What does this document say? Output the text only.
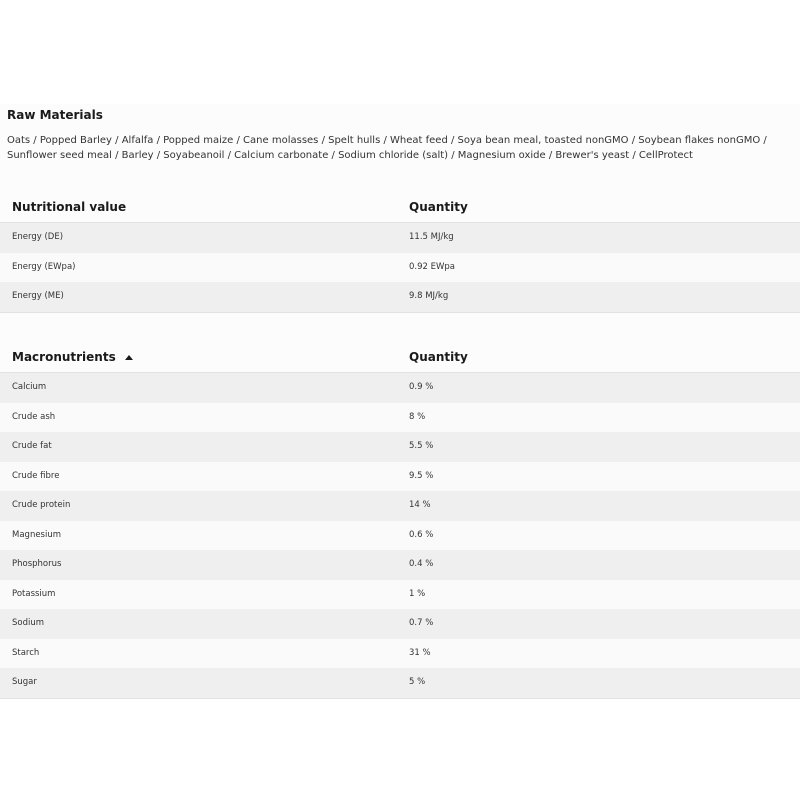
Raw Materials

Oats / Popped Barley / Alfalfa / Popped maize / Cane molasses / Spelt hulls / Wheat feed / Soya bean meal, toasted nonGMO / Soybean flakes nonGMO / Sunflower seed meal / Barley / Soyabeanoil / Calcium carbonate / Sodium chloride (salt) / Magnesium oxide / Brewer's yeast / CellProtect

Nutritional value	Quantity
Energy (DE)	11.5 MJ/kg
Energy (EWpa)	0.92 EWpa
Energy (ME)	9.8 MJ/kg
Macronutrients	Quantity
Calcium	0.9 %
Crude ash	8 %
Crude fat	5.5 %
Crude fibre	9.5 %
Crude protein	14 %
Magnesium	0.6 %
Phosphorus	0.4 %
Potassium	1 %
Sodium	0.7 %
Starch	31 %
Sugar	5 %
